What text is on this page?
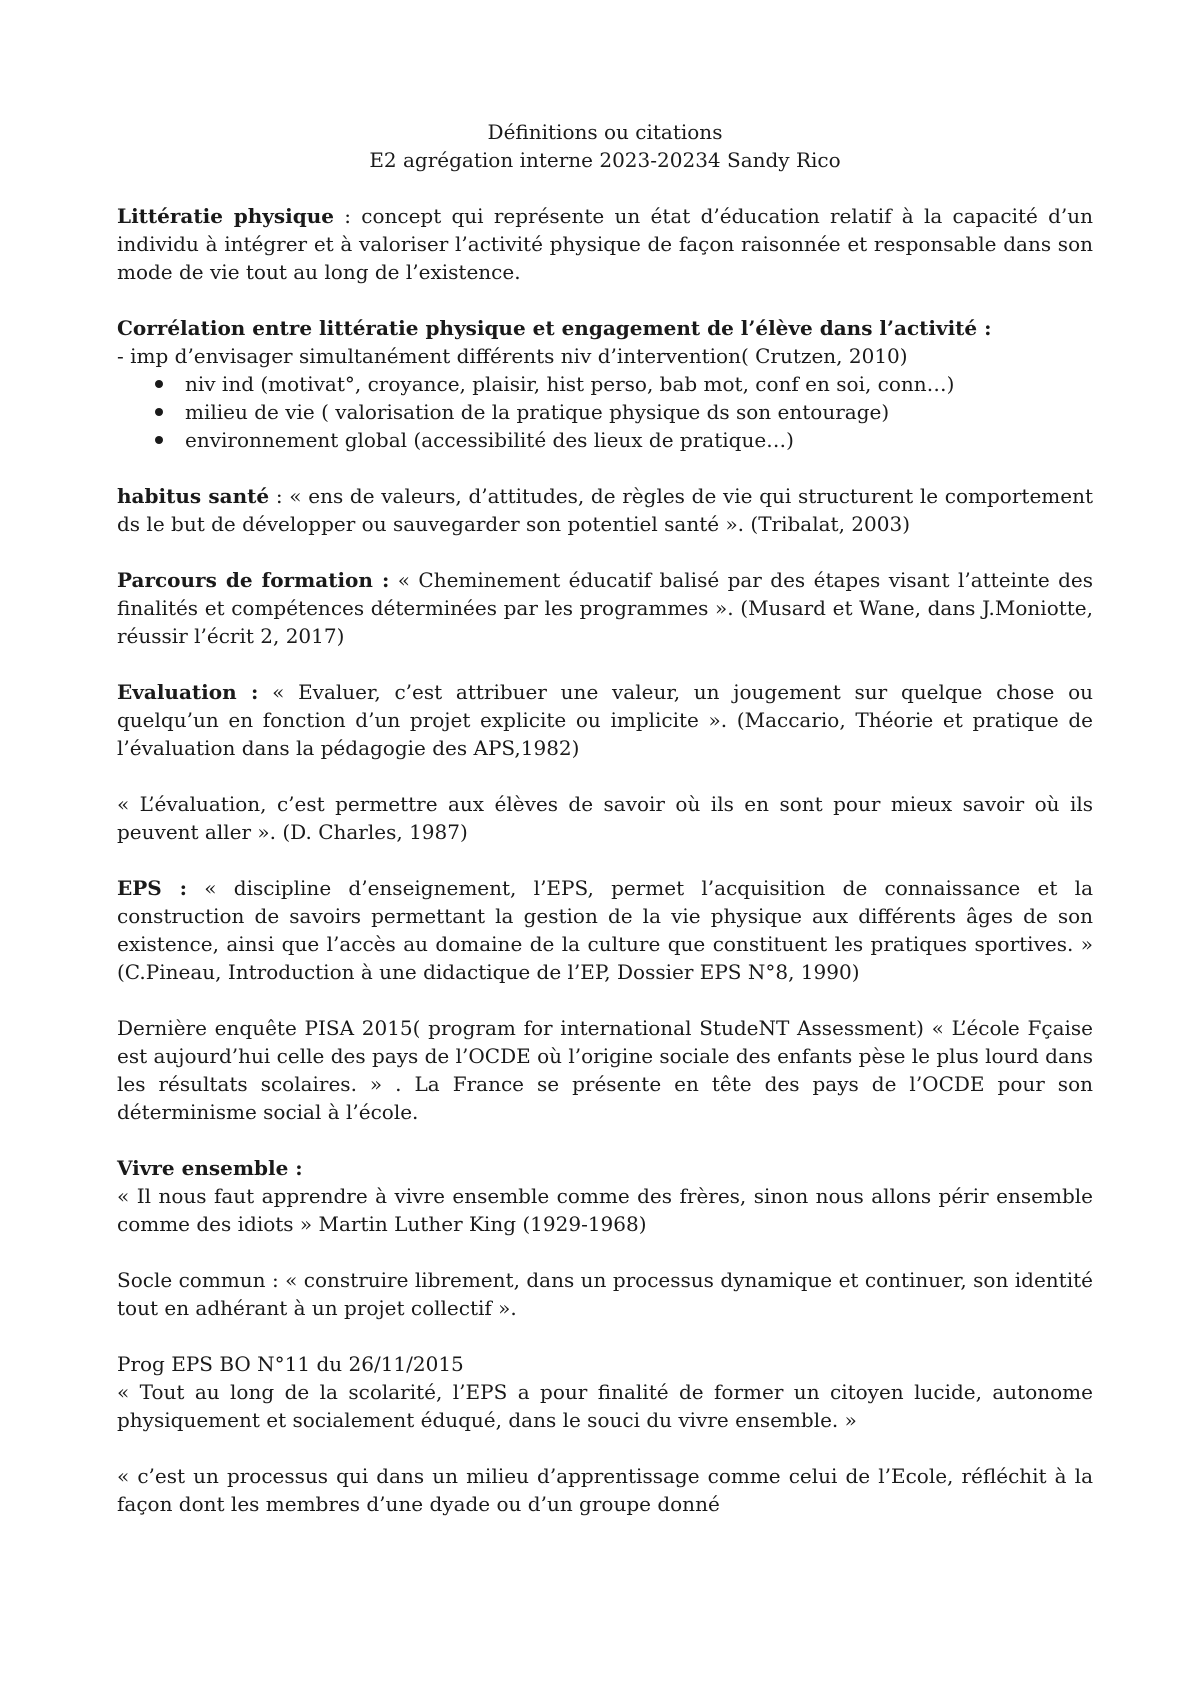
Définitions ou citations

E2 agrégation interne 2023-20234 Sandy Rico

Littératie physique : concept qui représente un état d’éducation relatif à la capacité d’un individu à intégrer et à valoriser l’activité physique de façon raisonnée et responsable dans son mode de vie tout au long de l’existence.

Corrélation entre littératie physique et engagement de l’élève dans l’activité :

- imp d’envisager simultanément différents niv d’intervention( Crutzen, 2010)

niv ind (motivat°, croyance, plaisir, hist perso, bab mot, conf en soi, conn…)
milieu de vie ( valorisation de la pratique physique ds son entourage)
environnement global (accessibilité des lieux de pratique…)

habitus santé : « ens de valeurs, d’attitudes, de règles de vie qui structurent le comportement ds le but de développer ou sauvegarder son potentiel santé ». (Tribalat, 2003)

Parcours de formation : « Cheminement éducatif balisé par des étapes visant l’atteinte des finalités et compétences déterminées par les programmes ». (Musard et Wane, dans J.Moniotte, réussir l’écrit 2, 2017)

Evaluation : « Evaluer, c’est attribuer une valeur, un jougement sur quelque chose ou quelqu’un en fonction d’un projet explicite ou implicite ». (Maccario, Théorie et pratique de l’évaluation dans la pédagogie des APS,1982)

« L’évaluation, c’est permettre aux élèves de savoir où ils en sont pour mieux savoir où ils peuvent aller ». (D. Charles, 1987)

EPS : « discipline d’enseignement, l’EPS, permet l’acquisition de connaissance et la construction de savoirs permettant la gestion de la vie physique aux différents âges de son existence, ainsi que l’accès au domaine de la culture que constituent les pratiques sportives. » (C.Pineau, Introduction à une didactique de l’EP, Dossier EPS N°8, 1990)

Dernière enquête PISA 2015( program for international StudeNT Assessment) « L’école Fçaise est aujourd’hui celle des pays de l’OCDE où l’origine sociale des enfants pèse le plus lourd dans les résultats scolaires. » . La France se présente en tête des pays de l’OCDE pour son déterminisme social à l’école.

Vivre ensemble :

« Il nous faut apprendre à vivre ensemble comme des frères, sinon nous allons périr ensemble comme des idiots » Martin Luther King (1929-1968)

Socle commun : « construire librement, dans un processus dynamique et continuer, son identité tout en adhérant à un projet collectif ».

Prog EPS BO N°11 du 26/11/2015

« Tout au long de la scolarité, l’EPS a pour finalité de former un citoyen lucide, autonome physiquement et socialement éduqué, dans le souci du vivre ensemble. »

« c’est un processus qui dans un milieu d’apprentissage comme celui de l’Ecole, réfléchit à la façon dont les membres d’une dyade ou d’un groupe donné
